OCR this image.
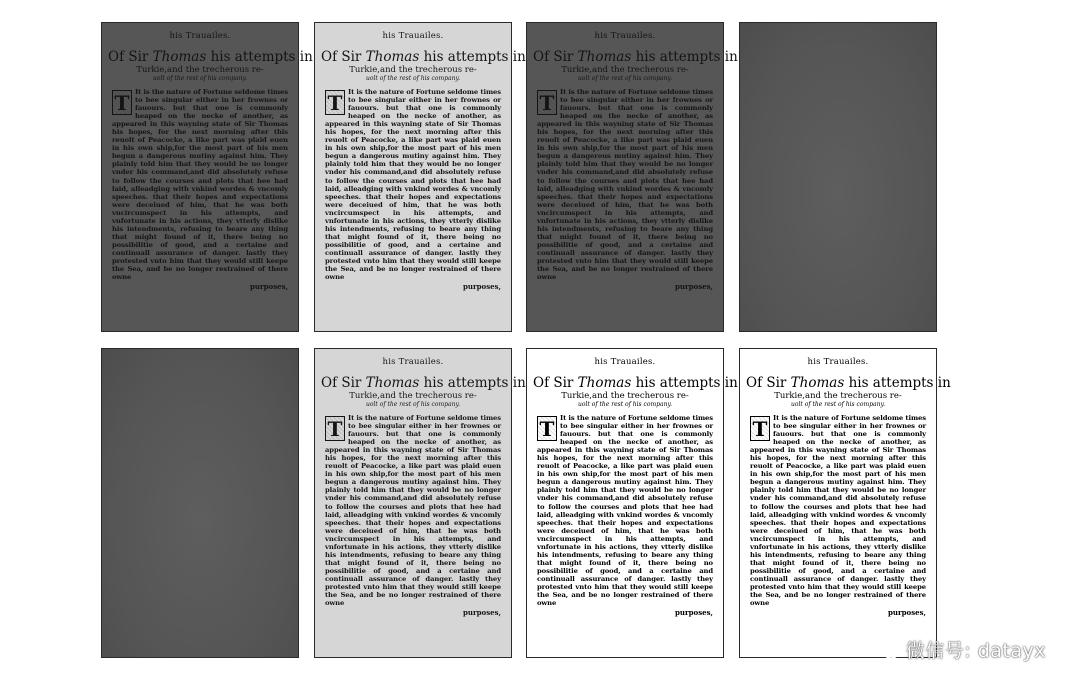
his Trauailes.
Of Sir Thomas his attempts in
Turkie,and the trecherous re-
uolt of the rest of his company.
T It is the nature of Fortune seldome times to bee singular either in her frownes or fauours. but that one is commonly heaped on the necke of another, as appeared in this wayning state of Sir Thomas his hopes, for the next morning after this reuolt of Peacocke, a like part was plaid euen in his own ship,for the most part of his men begun a dangerous mutiny against him. They plainly told him that they would be no longer vnder his command,and did absolutely refuse to follow the courses and plots that hee had laid, alleadging with vnkind wordes & vncomly speeches. that their hopes and expectations were deceiued of him, that he was both vncircumspect in his attempts, and vnfortunate in his actions, they vtterly dislike his intendments, refusing to beare any thing that might found of it, there being no possibilitie of good, and a certaine and continuall assurance of danger. lastly they protested vnto him that they would still keepe the Sea, and be no longer restrained of there owne
purposes,
his Trauailes.
Of Sir Thomas his attempts in
Turkie,and the trecherous re-
uolt of the rest of his company.
T It is the nature of Fortune seldome times to bee singular either in her frownes or fauours. but that one is commonly heaped on the necke of another, as appeared in this wayning state of Sir Thomas his hopes, for the next morning after this reuolt of Peacocke, a like part was plaid euen in his own ship,for the most part of his men begun a dangerous mutiny against him. They plainly told him that they would be no longer vnder his command,and did absolutely refuse to follow the courses and plots that hee had laid, alleadging with vnkind wordes & vncomly speeches. that their hopes and expectations were deceiued of him, that he was both vncircumspect in his attempts, and vnfortunate in his actions, they vtterly dislike his intendments, refusing to beare any thing that might found of it, there being no possibilitie of good, and a certaine and continuall assurance of danger. lastly they protested vnto him that they would still keepe the Sea, and be no longer restrained of there owne
purposes,
his Trauailes.
Of Sir Thomas his attempts in
Turkie,and the trecherous re-
uolt of the rest of his company.
T It is the nature of Fortune seldome times to bee singular either in her frownes or fauours. but that one is commonly heaped on the necke of another, as appeared in this wayning state of Sir Thomas his hopes, for the next morning after this reuolt of Peacocke, a like part was plaid euen in his own ship,for the most part of his men begun a dangerous mutiny against him. They plainly told him that they would be no longer vnder his command,and did absolutely refuse to follow the courses and plots that hee had laid, alleadging with vnkind wordes & vncomly speeches. that their hopes and expectations were deceiued of him, that he was both vncircumspect in his attempts, and vnfortunate in his actions, they vtterly dislike his intendments, refusing to beare any thing that might found of it, there being no possibilitie of good, and a certaine and continuall assurance of danger. lastly they protested vnto him that they would still keepe the Sea, and be no longer restrained of there owne
purposes,
his Trauailes.
Of Sir Thomas his attempts in
Turkie,and the trecherous re-
uolt of the rest of his company.
T It is the nature of Fortune seldome times to bee singular either in her frownes or fauours. but that one is commonly heaped on the necke of another, as appeared in this wayning state of Sir Thomas his hopes, for the next morning after this reuolt of Peacocke, a like part was plaid euen in his own ship,for the most part of his men begun a dangerous mutiny against him. They plainly told him that they would be no longer vnder his command,and did absolutely refuse to follow the courses and plots that hee had laid, alleadging with vnkind wordes & vncomly speeches. that their hopes and expectations were deceiued of him, that he was both vncircumspect in his attempts, and vnfortunate in his actions, they vtterly dislike his intendments, refusing to beare any thing that might found of it, there being no possibilitie of good, and a certaine and continuall assurance of danger. lastly they protested vnto him that they would still keepe the Sea, and be no longer restrained of there owne
purposes,
his Trauailes.
Of Sir Thomas his attempts in
Turkie,and the trecherous re-
uolt of the rest of his company.
T It is the nature of Fortune seldome times to bee singular either in her frownes or fauours. but that one is commonly heaped on the necke of another, as appeared in this wayning state of Sir Thomas his hopes, for the next morning after this reuolt of Peacocke, a like part was plaid euen in his own ship,for the most part of his men begun a dangerous mutiny against him. They plainly told him that they would be no longer vnder his command,and did absolutely refuse to follow the courses and plots that hee had laid, alleadging with vnkind wordes & vncomly speeches. that their hopes and expectations were deceiued of him, that he was both vncircumspect in his attempts, and vnfortunate in his actions, they vtterly dislike his intendments, refusing to beare any thing that might found of it, there being no possibilitie of good, and a certaine and continuall assurance of danger. lastly they protested vnto him that they would still keepe the Sea, and be no longer restrained of there owne
purposes,
his Trauailes.
Of Sir Thomas his attempts in
Turkie,and the trecherous re-
uolt of the rest of his company.
T It is the nature of Fortune seldome times to bee singular either in her frownes or fauours. but that one is commonly heaped on the necke of another, as appeared in this wayning state of Sir Thomas his hopes, for the next morning after this reuolt of Peacocke, a like part was plaid euen in his own ship,for the most part of his men begun a dangerous mutiny against him. They plainly told him that they would be no longer vnder his command,and did absolutely refuse to follow the courses and plots that hee had laid, alleadging with vnkind wordes & vncomly speeches. that their hopes and expectations were deceiued of him, that he was both vncircumspect in his attempts, and vnfortunate in his actions, they vtterly dislike his intendments, refusing to beare any thing that might found of it, there being no possibilitie of good, and a certaine and continuall assurance of danger. lastly they protested vnto him that they would still keepe the Sea, and be no longer restrained of there owne
purposes,
微信号: datayx
